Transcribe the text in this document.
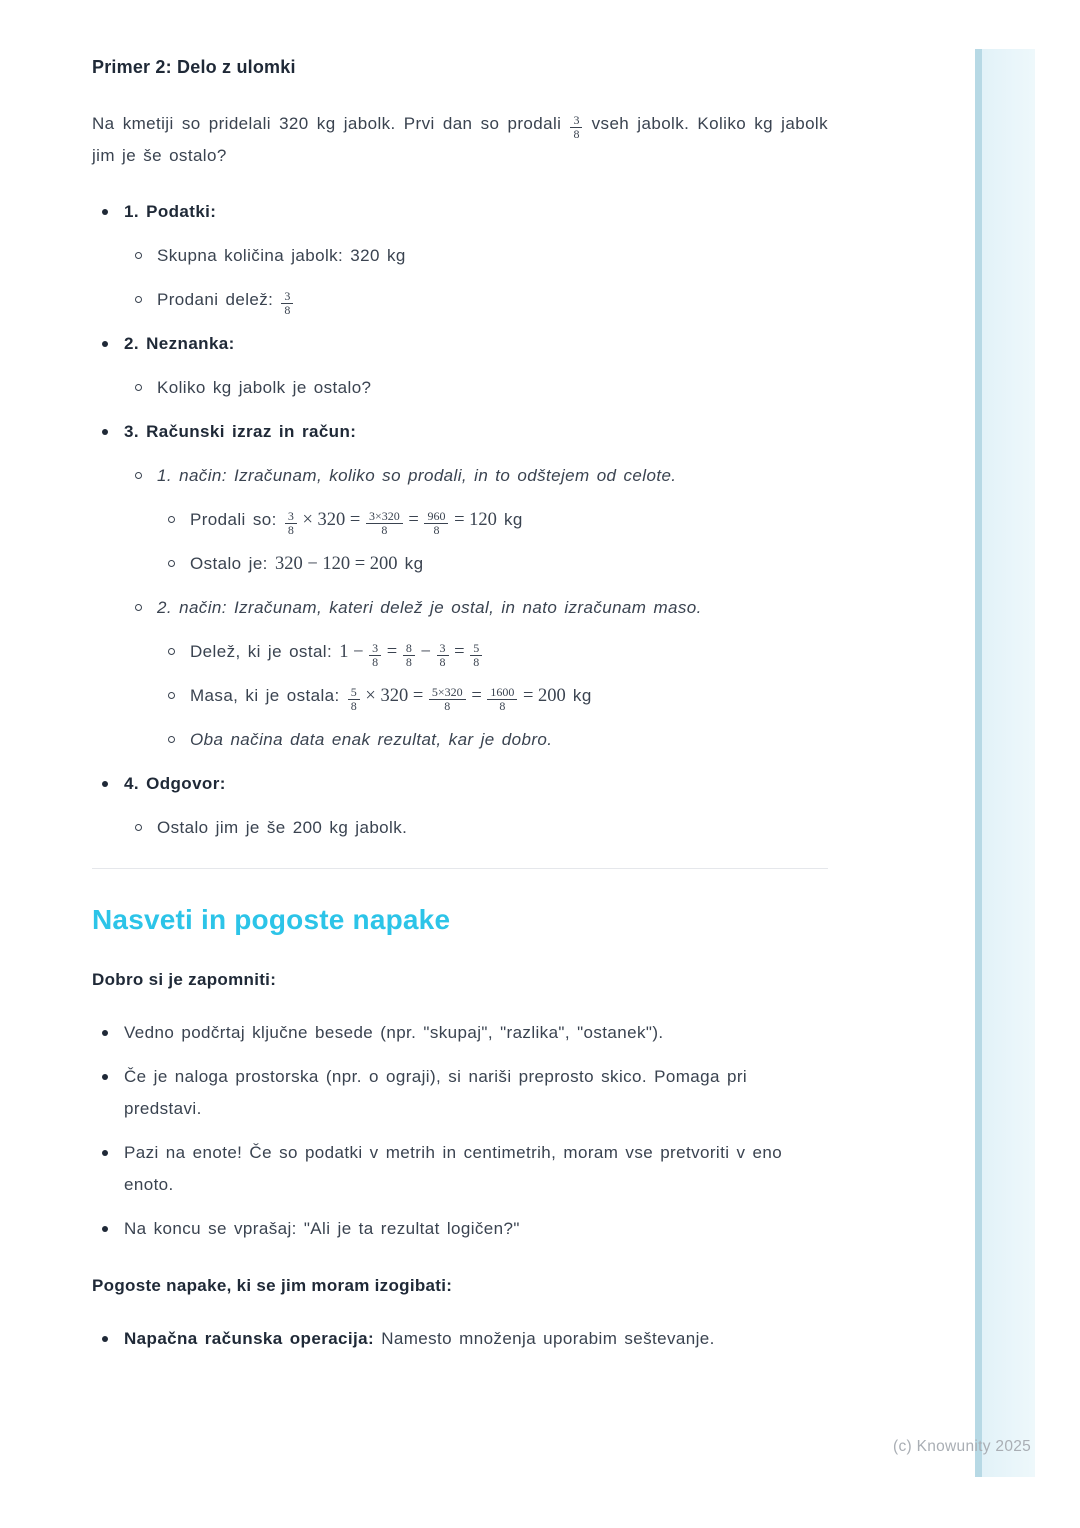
(c) Knowunity 2025
Primer 2: Delo z ulomki
Na kmetiji so pridelali 320 kg jabolk. Prvi dan so prodali $\frac{3}{8}$ vseh jabolk. Koliko kg jabolk jim je še ostalo?
1. Podatki:
Skupna količina jabolk: 320 kg
Prodani delež: $\frac{3}{8}$
2. Neznanka:
Koliko kg jabolk je ostalo?
3. Računski izraz in račun:
1. način: Izračunam, koliko so prodali, in to odštejem od celote.
Prodali so: $\frac{3}{8} \times 320 = \frac{3\times 320}{8} = \frac{960}{8} = 120$ kg
Ostalo je: 320 − 120 = 200 kg
2. način: Izračunam, kateri delež je ostal, in nato izračunam maso.
Delež, ki je ostal: $1 - \frac{3}{8} = \frac{8}{8} - \frac{3}{8} = \frac{5}{8}$
Masa, ki je ostala: $\frac{5}{8} \times 320 = \frac{5\times 320}{8} = \frac{1600}{8} = 200$ kg
Oba načina data enak rezultat, kar je dobro.
4. Odgovor:
Ostalo jim je še 200 kg jabolk.
Nasveti in pogoste napake
Dobro si je zapomniti:
Vedno podčrtaj ključne besede (npr. "skupaj", "razlika", "ostanek").
Če je naloga prostorska (npr. o ograji), si nariši preprosto skico. Pomaga pri predstavi.
Pazi na enote! Če so podatki v metrih in centimetrih, moram vse pretvoriti v eno enoto.
Na koncu se vprašaj: "Ali je ta rezultat logičen?"
Pogoste napake, ki se jim moram izogibati:
Napačna računska operacija: Namesto množenja uporabim seštevanje.
